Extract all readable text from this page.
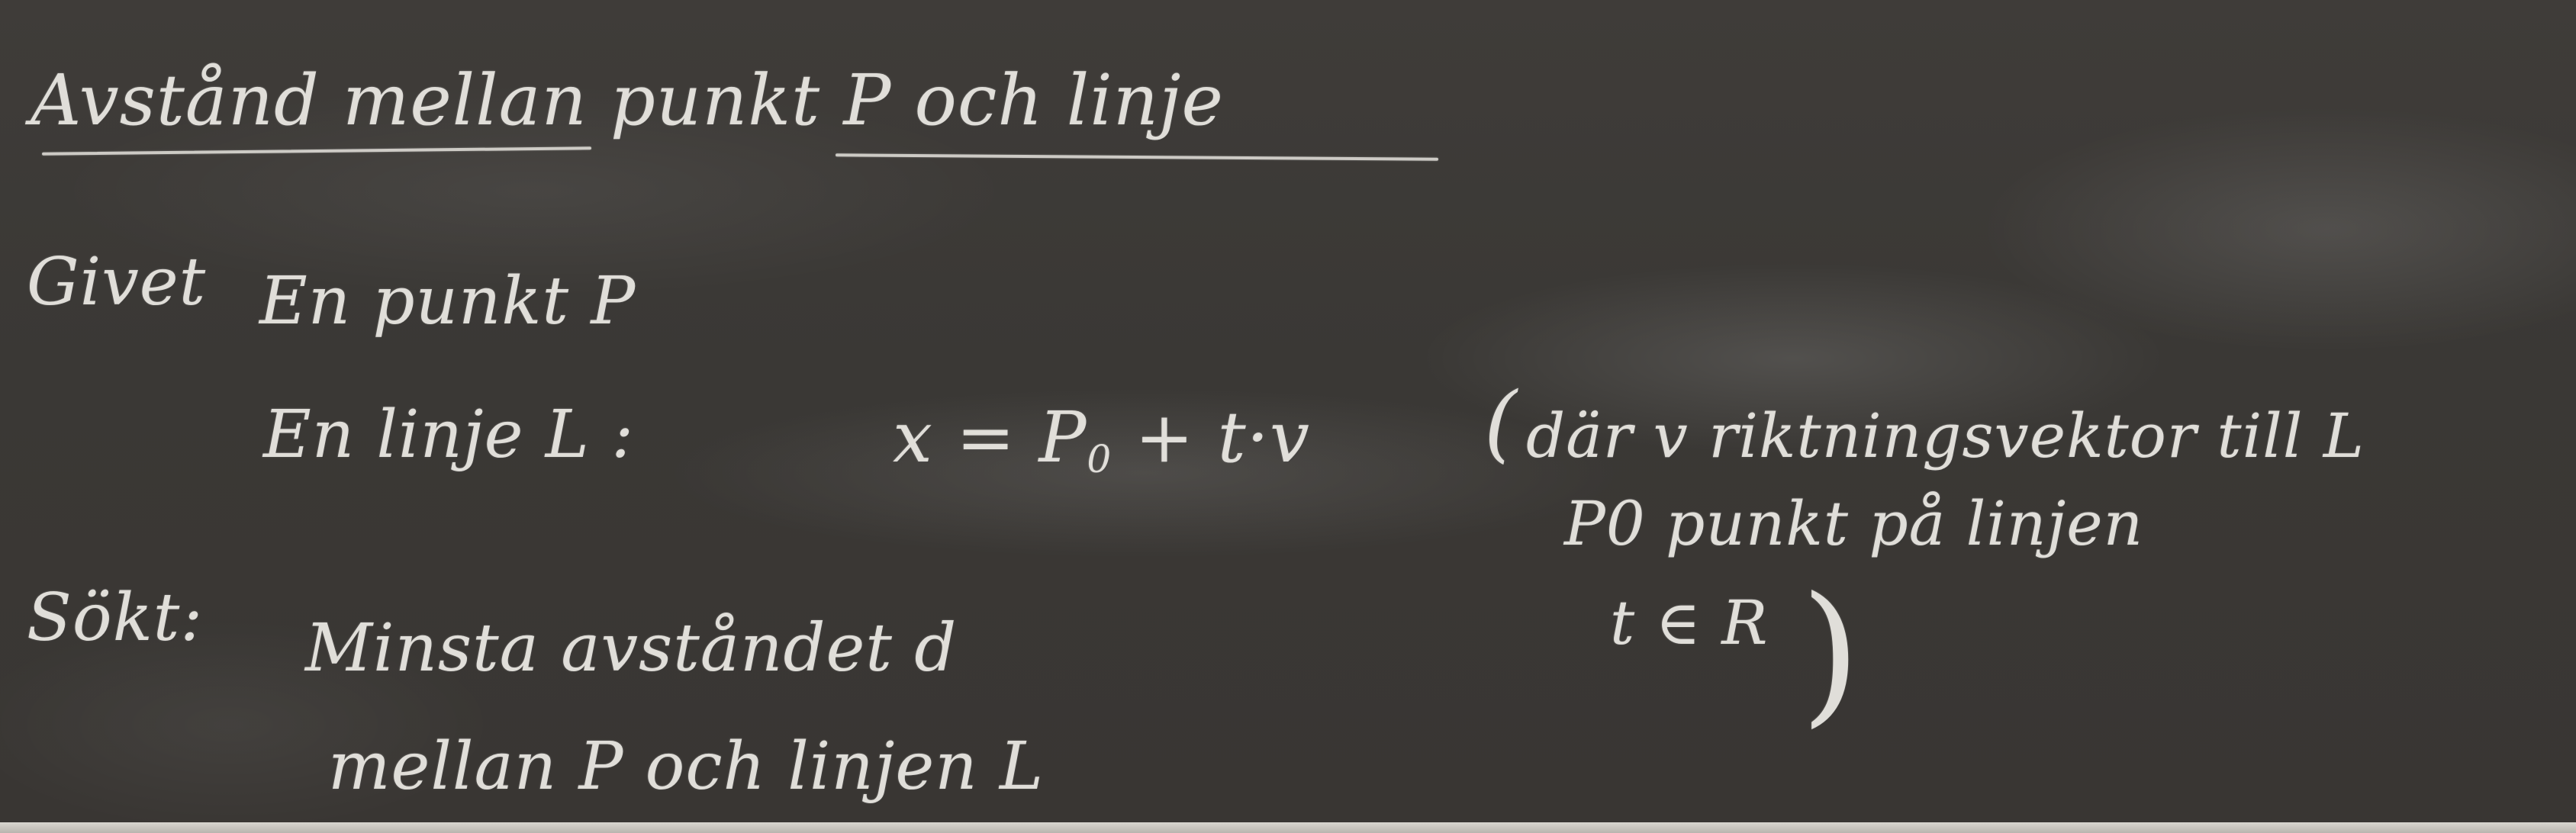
Avstånd mellan punkt P och linje
Givet En punkt P
En linje L :	x = P0 + t·v ( där v riktningsvektor till L
P0 punkt på linjen
t ∈ R )
Sökt: Minsta avståndet d
mellan P och linjen L
